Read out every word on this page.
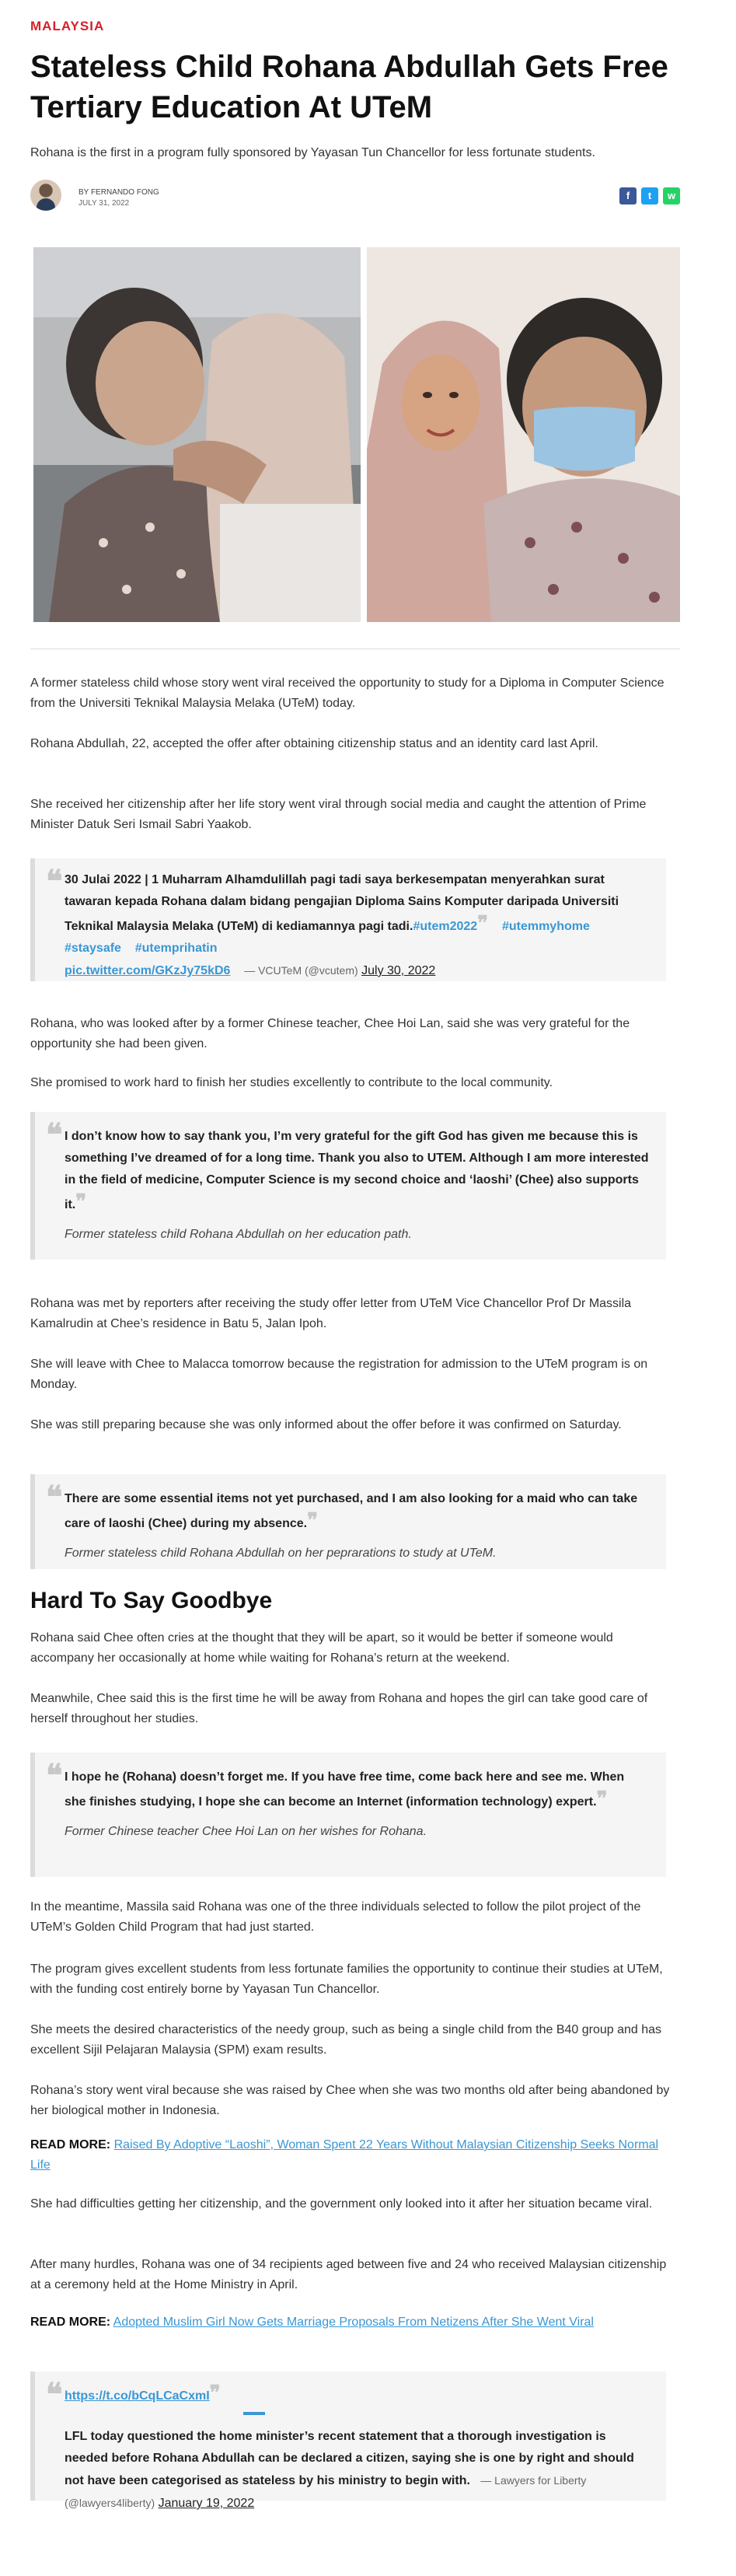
MALAYSIA
Stateless Child Rohana Abdullah Gets Free Tertiary Education At UTeM
Rohana is the first in a program fully sponsored by Yayasan Tun Chancellor for less fortunate students.
BY FERNANDO FONG
JULY 31, 2022
f t w

A former stateless child whose story went viral received the opportunity to study for a Diploma in Computer Science from the Universiti Teknikal Malaysia Melaka (UTeM) today.

Rohana Abdullah, 22, accepted the offer after obtaining citizenship status and an identity card last April.

She received her citizenship after her life story went viral through social media and caught the attention of Prime Minister Datuk Seri Ismail Sabri Yaakob.

❝ 30 Julai 2022 | 1 Muharram Alhamdulillah pagi tadi saya berkesempatan menyerahkan surat tawaran kepada Rohana dalam bidang pengajian Diploma Sains Komputer daripada Universiti Teknikal Malaysia Melaka (UTeM) di kediamannya pagi tadi.#utem2022❞ #utemmyhome    #staysafe #utemprihatin
pic.twitter.com/GKzJy75kD6 — VCUTeM (@vcutem) July 30, 2022

Rohana, who was looked after by a former Chinese teacher, Chee Hoi Lan, said she was very grateful for the opportunity she had been given.

She promised to work hard to finish her studies excellently to contribute to the local community.

❝ I don’t know how to say thank you, I’m very grateful for the gift God has given me because this is something I’ve dreamed of for a long time. Thank you also to UTEM. Although I am more interested in the field of medicine, Computer Science is my second choice and ‘laoshi’ (Chee) also supports it.❞

Former stateless child Rohana Abdullah on her education path.

Rohana was met by reporters after receiving the study offer letter from UTeM Vice Chancellor Prof Dr Massila Kamalrudin at Chee’s residence in Batu 5, Jalan Ipoh.

She will leave with Chee to Malacca tomorrow because the registration for admission to the UTeM program is on Monday.

She was still preparing because she was only informed about the offer before it was confirmed on Saturday.

❝ There are some essential items not yet purchased, and I am also looking for a maid who can take care of laoshi (Chee) during my absence.❞

Former stateless child Rohana Abdullah on her peprarations to study at UTeM.
Hard To Say Goodbye

Rohana said Chee often cries at the thought that they will be apart, so it would be better if someone would accompany her occasionally at home while waiting for Rohana’s return at the weekend.

Meanwhile, Chee said this is the first time he will be away from Rohana and hopes the girl can take good care of herself throughout her studies.

❝ I hope he (Rohana) doesn’t forget me. If you have free time, come back here and see me. When she finishes studying, I hope she can become an Internet (information technology) expert.❞

Former Chinese teacher Chee Hoi Lan on her wishes for Rohana.

In the meantime, Massila said Rohana was one of the three individuals selected to follow the pilot project of the UTeM’s Golden Child Program that had just started.

The program gives excellent students from less fortunate families the opportunity to continue their studies at UTeM, with the funding cost entirely borne by Yayasan Tun Chancellor.

She meets the desired characteristics of the needy group, such as being a single child from the B40 group and has excellent Sijil Pelajaran Malaysia (SPM) exam results.

Rohana’s story went viral because she was raised by Chee when she was two months old after being abandoned by her biological mother in Indonesia.

READ MORE: Raised By Adoptive “Laoshi”, Woman Spent 22 Years Without Malaysian Citizenship Seeks Normal Life

She had difficulties getting her citizenship, and the government only looked into it after her situation became viral.

After many hurdles, Rohana was one of 34 recipients aged between five and 24 who received Malaysian citizenship at a ceremony held at the Home Ministry in April.

READ MORE: Adopted Muslim Girl Now Gets Marriage Proposals From Netizens After She Went Viral
❝ https://t.co/bCqLCaCxmI❞
LFL today questioned the home minister’s recent statement that a thorough investigation is needed before Rohana Abdullah can be declared a citizen, saying she is one by right and should not have been categorised as stateless by his ministry to begin with. — Lawyers for Liberty (@lawyers4liberty) January 19, 2022
